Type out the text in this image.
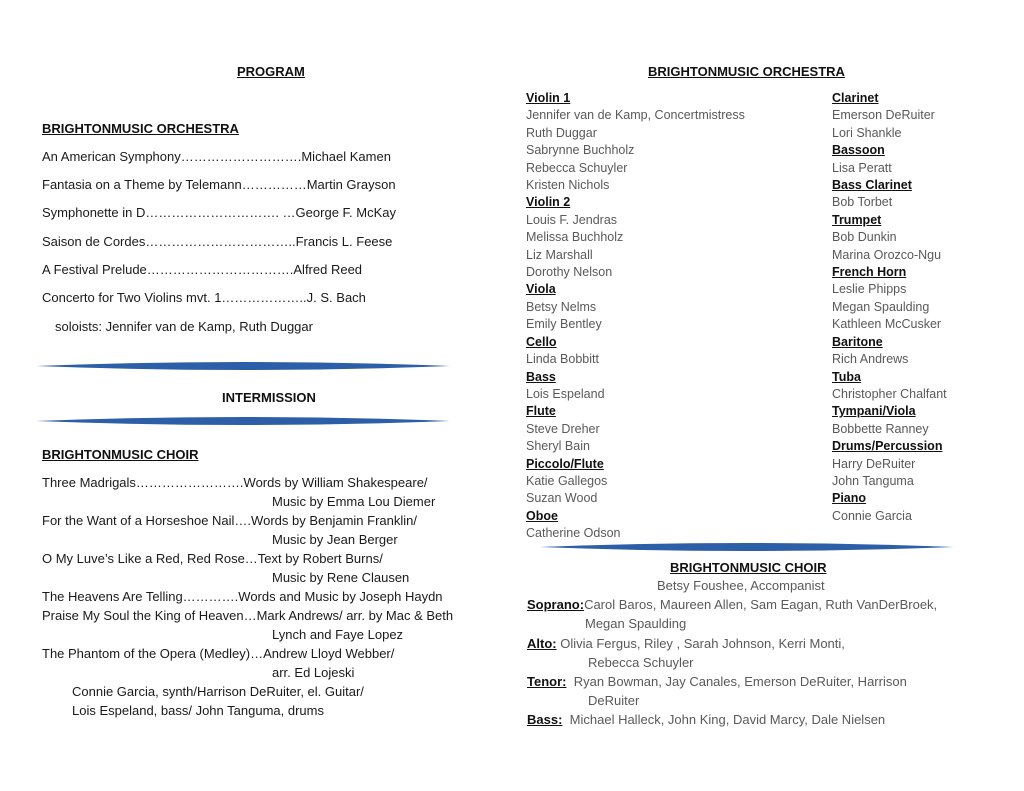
PROGRAM
BRIGHTONMUSIC ORCHESTRA
An American Symphony……………………….Michael Kamen
Fantasia on a Theme by Telemann……………Martin Grayson
Symphonette in D…………………………. …George F. McKay
Saison de Cordes……………………………..Francis L. Feese
A Festival Prelude…………………………….Alfred Reed
Concerto for Two Violins mvt. 1………………..J. S. Bach
soloists: Jennifer van de Kamp, Ruth Duggar
INTERMISSION
BRIGHTONMUSIC CHOIR
Three Madrigals…………………….Words by William Shakespeare/
Music by Emma Lou Diemer
For the Want of a Horseshoe Nail….Words by Benjamin Franklin/
Music by Jean Berger
O My Luve’s Like a Red, Red Rose…Text by Robert Burns/
Music by Rene Clausen
The Heavens Are Telling………….Words and Music by Joseph Haydn
Praise My Soul the King of Heaven…Mark Andrews/ arr. by Mac & Beth
Lynch and Faye Lopez
The Phantom of the Opera (Medley)…Andrew Lloyd Webber/
arr. Ed Lojeski
Connie Garcia, synth/Harrison DeRuiter, el. Guitar/
Lois Espeland, bass/ John Tanguma, drums
BRIGHTONMUSIC ORCHESTRA
Violin 1
Jennifer van de Kamp, Concertmistress
Ruth Duggar
Sabrynne Buchholz
Rebecca Schuyler
Kristen Nichols
Violin 2
Louis F. Jendras
Melissa Buchholz
Liz Marshall
Dorothy Nelson
Viola
Betsy Nelms
Emily Bentley
Cello
Linda Bobbitt
Bass
Lois Espeland
Flute
Steve Dreher
Sheryl Bain
Piccolo/Flute
Katie Gallegos
Suzan Wood
Oboe
Catherine Odson
Clarinet
Emerson DeRuiter
Lori Shankle
Bassoon
Lisa Peratt
Bass Clarinet
Bob Torbet
Trumpet
Bob Dunkin
Marina Orozco-Ngu
French Horn
Leslie Phipps
Megan Spaulding
Kathleen McCusker
Baritone
Rich Andrews
Tuba
Christopher Chalfant
Tympani/Viola
Bobbette Ranney
Drums/Percussion
Harry DeRuiter
John Tanguma
Piano
Connie Garcia
BRIGHTONMUSIC CHOIR
Betsy Foushee, Accompanist
Soprano:Carol Baros, Maureen Allen, Sam Eagan, Ruth VanDerBroek,
Megan Spaulding
Alto: Olivia Fergus, Riley , Sarah Johnson, Kerri Monti,
Rebecca Schuyler
Tenor: Ryan Bowman, Jay Canales, Emerson DeRuiter, Harrison
DeRuiter
Bass: Michael Halleck, John King, David Marcy, Dale Nielsen
